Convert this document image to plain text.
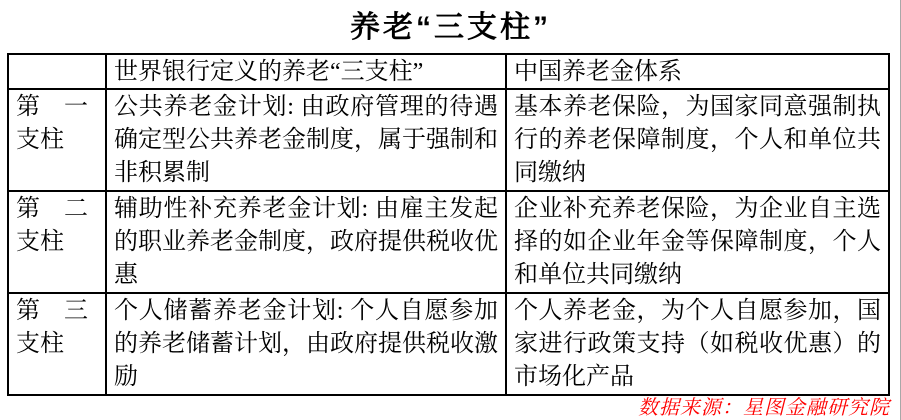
养老“三支柱”
	世界银行定义的养老“三支柱”	中国养老金体系

第　一
支柱	公共养老金计划: 由政府管理的待遇确定型公共养老金制度，属于强制和非积累制	基本养老保险，为国家同意强制执行的养老保障制度，个人和单位共同缴纳

第　二
支柱	辅助性补充养老金计划: 由雇主发起的职业养老金制度，政府提供税收优惠	企业补充养老保险，为企业自主选择的如企业年金等保障制度，个人和单位共同缴纳

第　三
支柱	个人储蓄养老金计划: 个人自愿参加的养老储蓄计划，由政府提供税收激励	个人养老金，为个人自愿参加，国家进行政策支持（如税收优惠）的市场化产品
数据来源：星图金融研究院
